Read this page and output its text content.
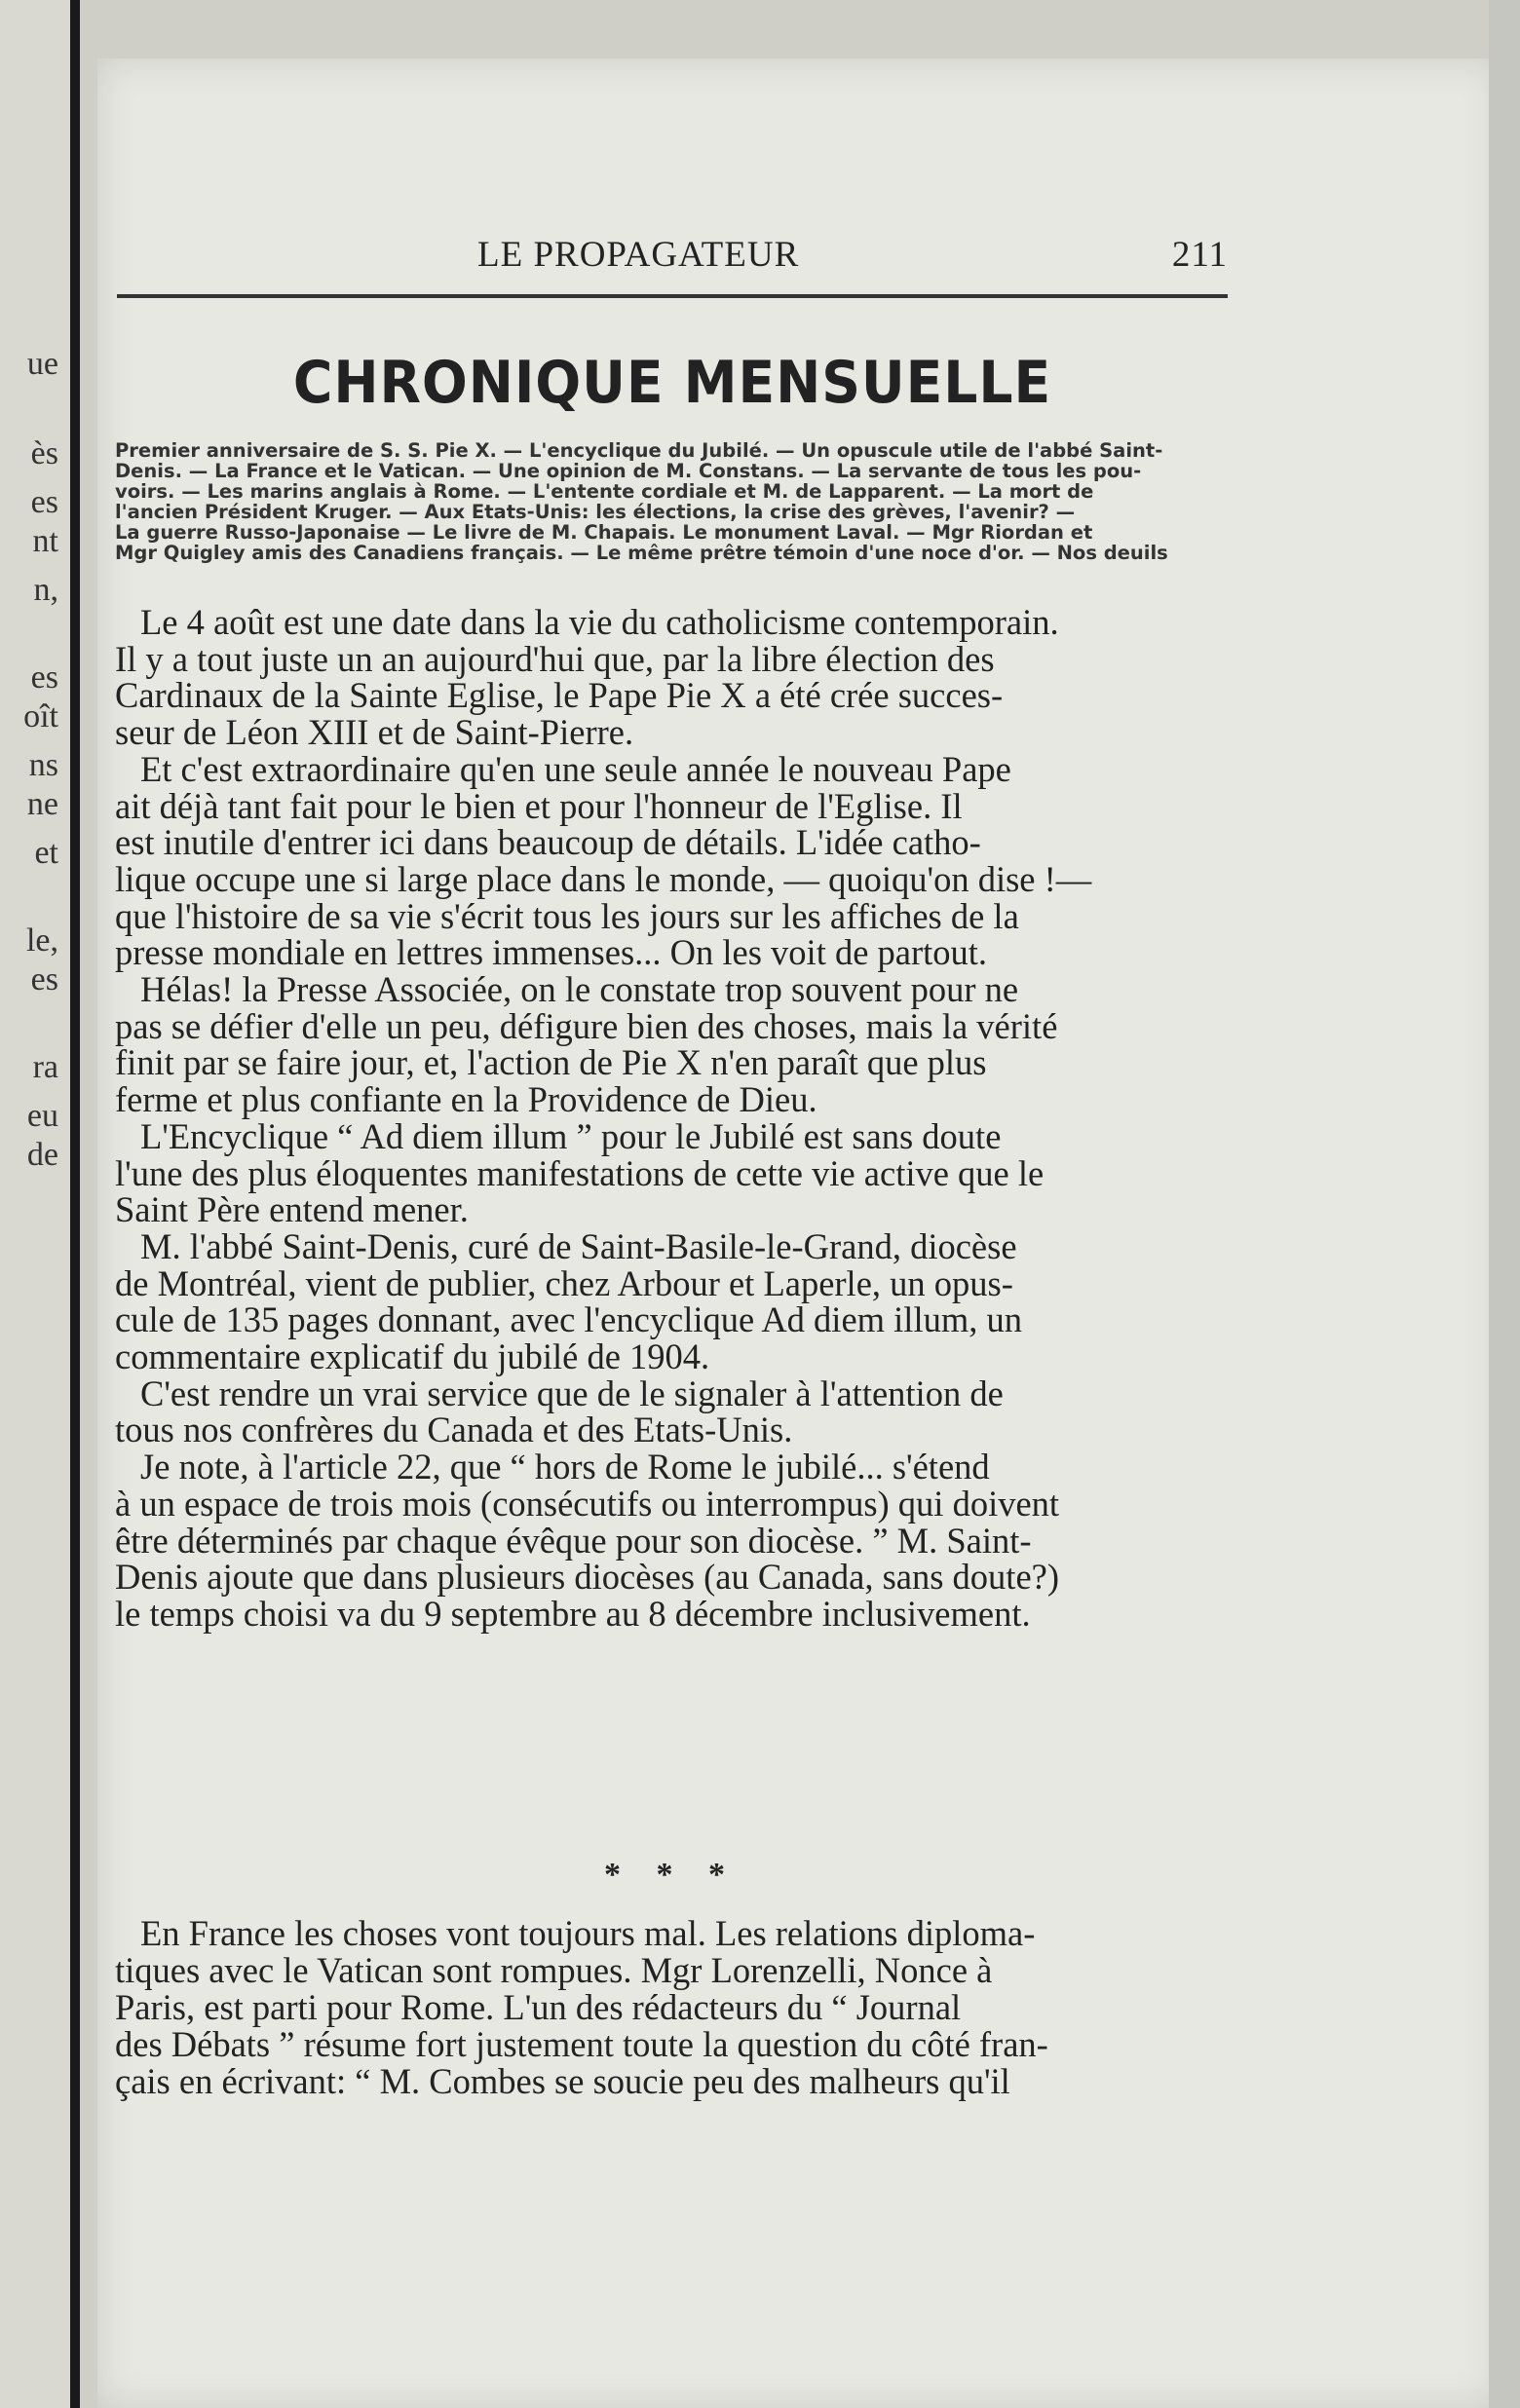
ue
ès
es
nt
n,
es
oît
ns
ne
et
le,
es
ra
eu
de
LE PROPAGATEUR	211
CHRONIQUE MENSUELLE
Premier anniversaire de S. S. Pie X. — L'encyclique du Jubilé. — Un opuscule utile de l'abbé Saint-
Denis. — La France et le Vatican. — Une opinion de M. Constans. — La servante de tous les pou-
voirs. — Les marins anglais à Rome. — L'entente cordiale et M. de Lapparent. — La mort de
l'ancien Président Kruger. — Aux Etats-Unis: les élections, la crise des grèves, l'avenir? —
La guerre Russo-Japonaise — Le livre de M. Chapais. Le monument Laval. — Mgr Riordan et
Mgr Quigley amis des Canadiens français. — Le même prêtre témoin d'une noce d'or. — Nos deuils

Le 4 août est une date dans la vie du catholicisme contemporain.
Il y a tout juste un an aujourd'hui que, par la libre élection des
Cardinaux de la Sainte Eglise, le Pape Pie X a été crée succes-
seur de Léon XIII et de Saint-Pierre.

Et c'est extraordinaire qu'en une seule année le nouveau Pape
ait déjà tant fait pour le bien et pour l'honneur de l'Eglise. Il
est inutile d'entrer ici dans beaucoup de détails. L'idée catho-
lique occupe une si large place dans le monde, — quoiqu'on dise !—
que l'histoire de sa vie s'écrit tous les jours sur les affiches de la
presse mondiale en lettres immenses... On les voit de partout.

Hélas! la Presse Associée, on le constate trop souvent pour ne
pas se défier d'elle un peu, défigure bien des choses, mais la vérité
finit par se faire jour, et, l'action de Pie X n'en paraît que plus
ferme et plus confiante en la Providence de Dieu.

L'Encyclique “ Ad diem illum ” pour le Jubilé est sans doute
l'une des plus éloquentes manifestations de cette vie active que le
Saint Père entend mener.

M. l'abbé Saint-Denis, curé de Saint-Basile-le-Grand, diocèse
de Montréal, vient de publier, chez Arbour et Laperle, un opus-
cule de 135 pages donnant, avec l'encyclique Ad diem illum, un
commentaire explicatif du jubilé de 1904.

C'est rendre un vrai service que de le signaler à l'attention de
tous nos confrères du Canada et des Etats-Unis.

Je note, à l'article 22, que “ hors de Rome le jubilé... s'étend
à un espace de trois mois (consécutifs ou interrompus) qui doivent
être déterminés par chaque évêque pour son diocèse. ” M. Saint-
Denis ajoute que dans plusieurs diocèses (au Canada, sans doute?)
le temps choisi va du 9 septembre au 8 décembre inclusivement.

* * *
En France les choses vont toujours mal. Les relations diploma-
tiques avec le Vatican sont rompues. Mgr Lorenzelli, Nonce à
Paris, est parti pour Rome. L'un des rédacteurs du “ Journal
des Débats ” résume fort justement toute la question du côté fran-
çais en écrivant: “ M. Combes se soucie peu des malheurs qu'il
